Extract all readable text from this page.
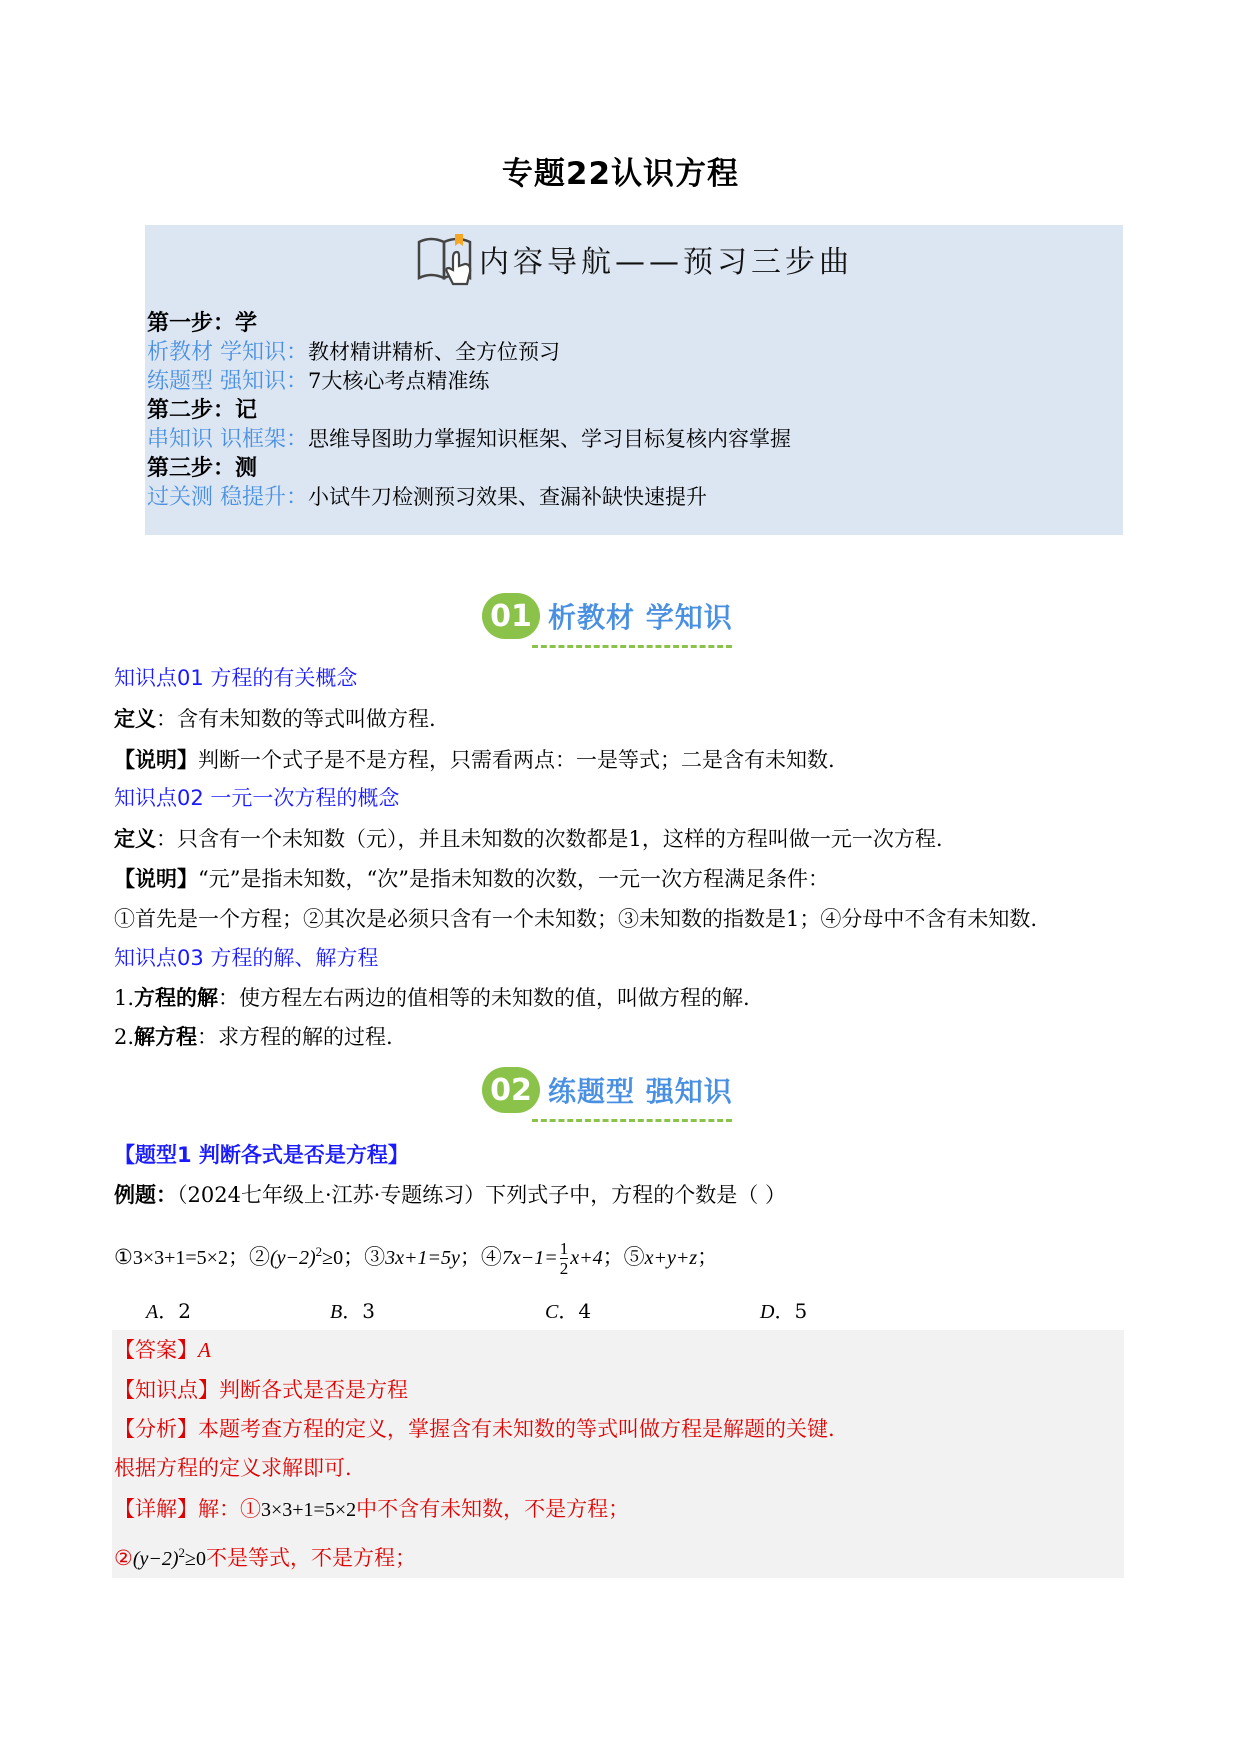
专题22认识方程
内容导航——预习三步曲
第一步：学
析教材 学知识：教材精讲精析、全方位预习
练题型 强知识：7大核心考点精准练
第二步：记
串知识 识框架：思维导图助力掌握知识框架、学习目标复核内容掌握
第三步：测
过关测 稳提升：小试牛刀检测预习效果、查漏补缺快速提升
01 析教材 学知识
知识点01 方程的有关概念
定义：含有未知数的等式叫做方程.
【说明】判断一个式子是不是方程，只需看两点：一是等式；二是含有未知数.
知识点02 一元一次方程的概念
定义：只含有一个未知数（元），并且未知数的次数都是1，这样的方程叫做一元一次方程.
【说明】“元”是指未知数，“次”是指未知数的次数，一元一次方程满足条件：
①首先是一个方程；②其次是必须只含有一个未知数；③未知数的指数是1；④分母中不含有未知数.
知识点03 方程的解、解方程
1.方程的解：使方程左右两边的值相等的未知数的值，叫做方程的解.
2.解方程：求方程的解的过程.
02 练题型 强知识
【题型1 判断各式是否是方程】
例题：（2024七年级上·江苏·专题练习）下列式子中，方程的个数是（ ）
①3×3+1=5×2；$②(y-2)^2\ge 0$；③3x+1=5y；④7x−1= $\frac{1}{2} x+4$；⑤x+y+z；
A．2	B．3	C．4	D．5
【答案】A
【知识点】判断各式是否是方程
【分析】本题考查方程的定义，掌握含有未知数的等式叫做方程是解题的关键.
根据方程的定义求解即可.
【详解】解：①3×3+1=5×2中不含有未知数，不是方程；
$②(y-2)^2\ge 0$不是等式，不是方程；
